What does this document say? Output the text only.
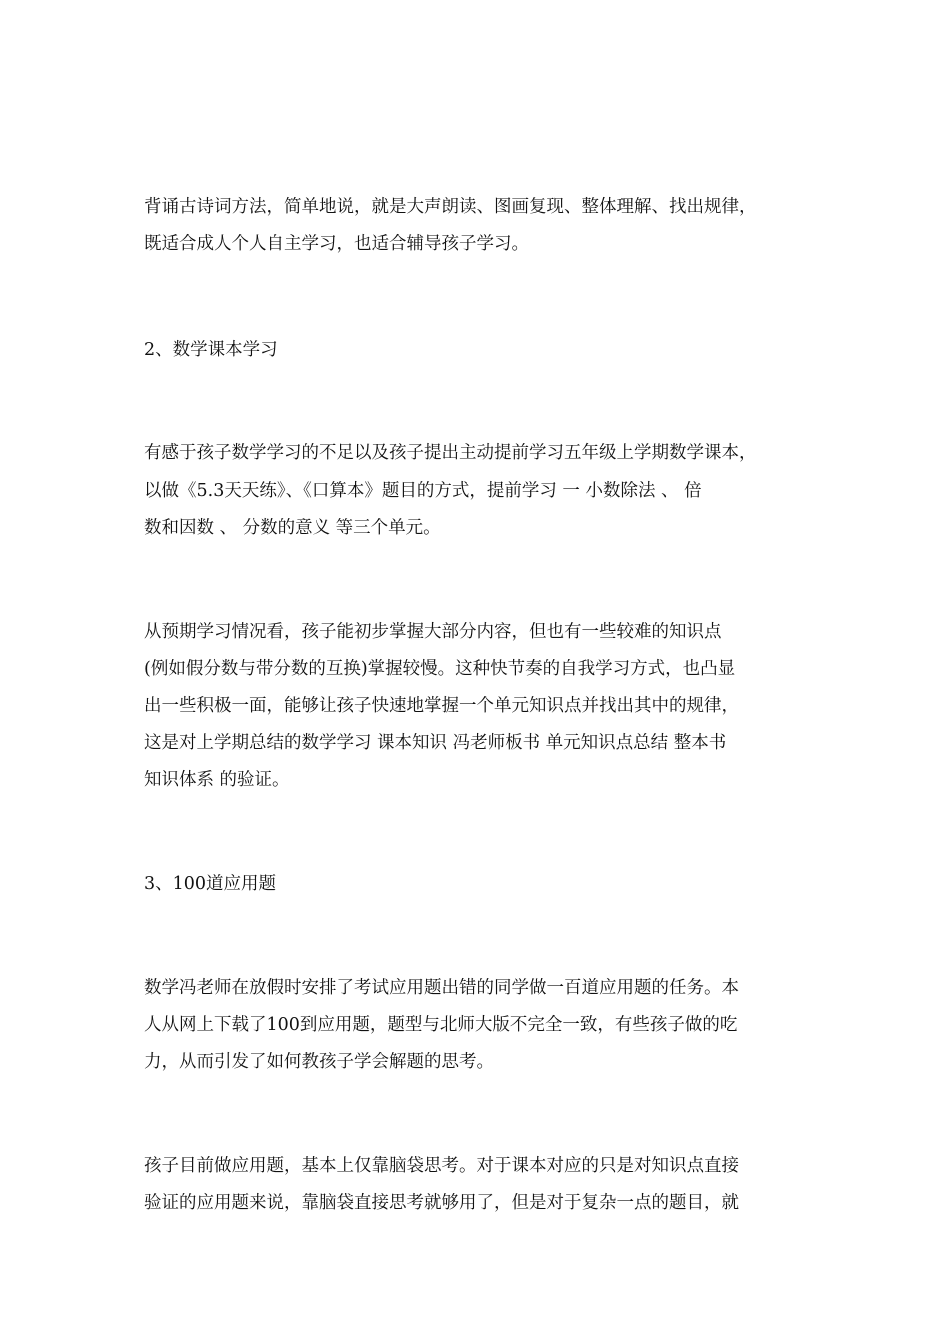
背诵古诗词方法，简单地说，就是大声朗读、图画复现、整体理解、找出规律，
既适合成人个人自主学习，也适合辅导孩子学习。
2、数学课本学习
有感于孩子数学学习的不足以及孩子提出主动提前学习五年级上学期数学课本，
以做《5.3天天练》、《口算本》题目的方式，提前学习 一 小数除法 、 倍
数和因数 、 分数的意义 等三个单元。
从预期学习情况看，孩子能初步掌握大部分内容，但也有一些较难的知识点
(例如假分数与带分数的互换)掌握较慢。这种快节奏的自我学习方式，也凸显
出一些积极一面，能够让孩子快速地掌握一个单元知识点并找出其中的规律，
这是对上学期总结的数学学习 课本知识 冯老师板书 单元知识点总结 整本书
知识体系 的验证。
3、100道应用题
数学冯老师在放假时安排了考试应用题出错的同学做一百道应用题的任务。本
人从网上下载了100到应用题，题型与北师大版不完全一致，有些孩子做的吃
力，从而引发了如何教孩子学会解题的思考。
孩子目前做应用题，基本上仅靠脑袋思考。对于课本对应的只是对知识点直接
验证的应用题来说，靠脑袋直接思考就够用了，但是对于复杂一点的题目，就
